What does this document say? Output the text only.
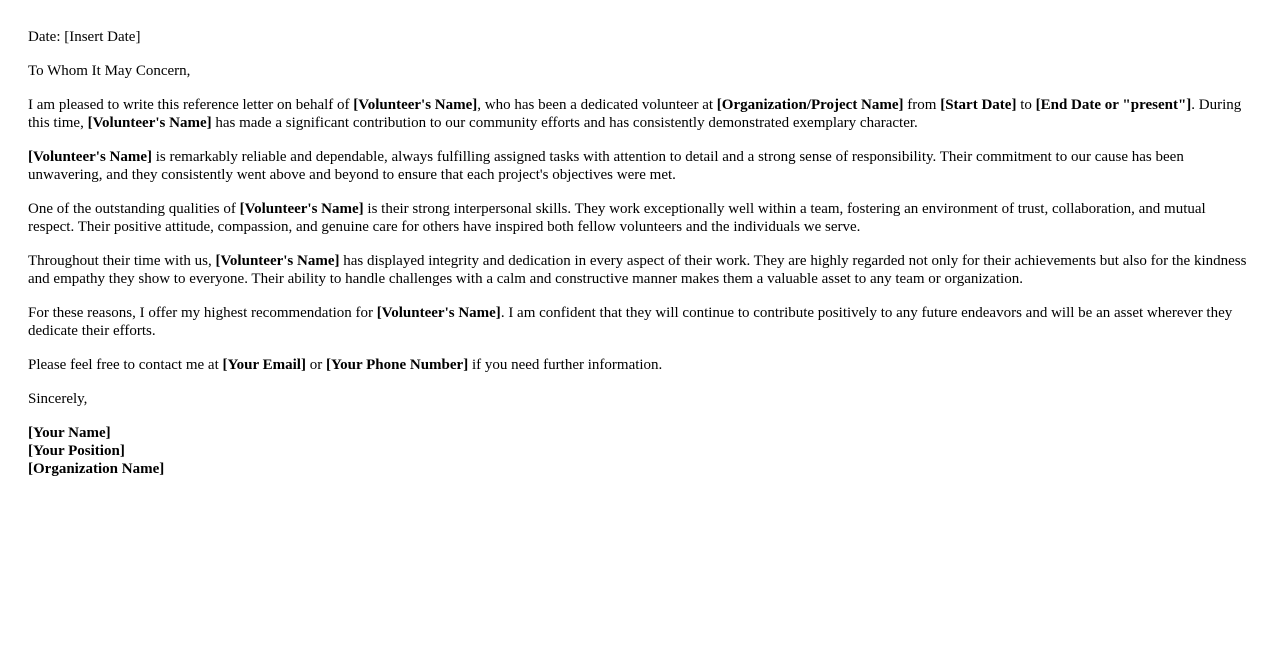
Date: [Insert Date]

To Whom It May Concern,

I am pleased to write this reference letter on behalf of [Volunteer's Name], who has been a dedicated volunteer at [Organization/Project Name] from [Start Date] to [End Date or "present"]. During this time, [Volunteer's Name] has made a significant contribution to our community efforts and has consistently demonstrated exemplary character.

[Volunteer's Name] is remarkably reliable and dependable, always fulfilling assigned tasks with attention to detail and a strong sense of responsibility. Their commitment to our cause has been unwavering, and they consistently went above and beyond to ensure that each project's objectives were met.

One of the outstanding qualities of [Volunteer's Name] is their strong interpersonal skills. They work exceptionally well within a team, fostering an environment of trust, collaboration, and mutual respect. Their positive attitude, compassion, and genuine care for others have inspired both fellow volunteers and the individuals we serve.

Throughout their time with us, [Volunteer's Name] has displayed integrity and dedication in every aspect of their work. They are highly regarded not only for their achievements but also for the kindness and empathy they show to everyone. Their ability to handle challenges with a calm and constructive manner makes them a valuable asset to any team or organization.

For these reasons, I offer my highest recommendation for [Volunteer's Name]. I am confident that they will continue to contribute positively to any future endeavors and will be an asset wherever they dedicate their efforts.

Please feel free to contact me at [Your Email] or [Your Phone Number] if you need further information.

Sincerely,

[Your Name]

[Your Position]

[Organization Name]
